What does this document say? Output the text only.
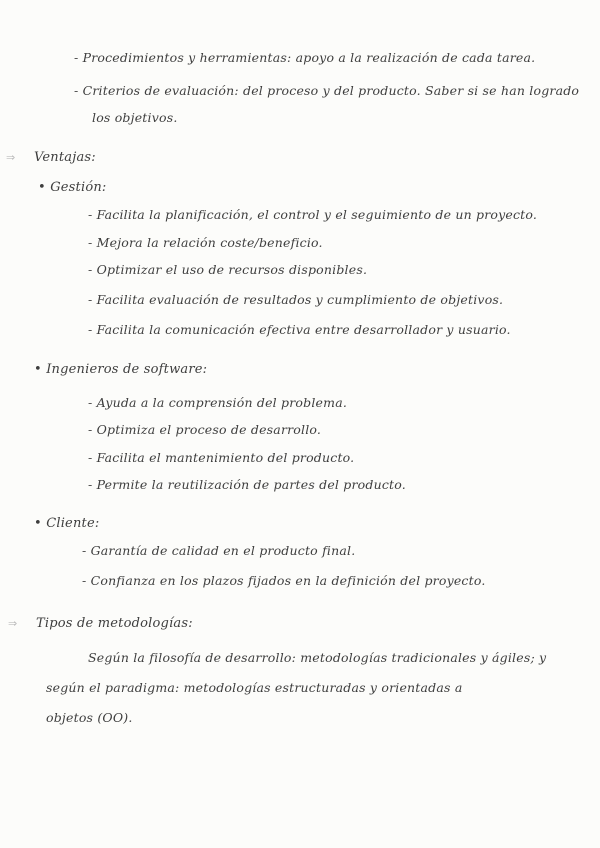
- Procedimientos y herramientas: apoyo a la realización de cada tarea.
- Criterios de evaluación: del proceso y del producto. Saber si se han logrado
los objetivos.
⇒ Ventajas:
• Gestión:
- Facilita la planificación, el control y el seguimiento de un proyecto.
- Mejora la relación coste/beneficio.
- Optimizar el uso de recursos disponibles.
- Facilita evaluación de resultados y cumplimiento de objetivos.
- Facilita la comunicación efectiva entre desarrollador y usuario.
• Ingenieros de software:
- Ayuda a la comprensión del problema.
- Optimiza el proceso de desarrollo.
- Facilita el mantenimiento del producto.
- Permite la reutilización de partes del producto.
• Cliente:
- Garantía de calidad en el producto final.
- Confianza en los plazos fijados en la definición del proyecto.
⇒ Tipos de metodologías:
Según la filosofía de desarrollo: metodologías tradicionales y ágiles; y
según el paradigma: metodologías estructuradas y orientadas a
objetos (OO).
